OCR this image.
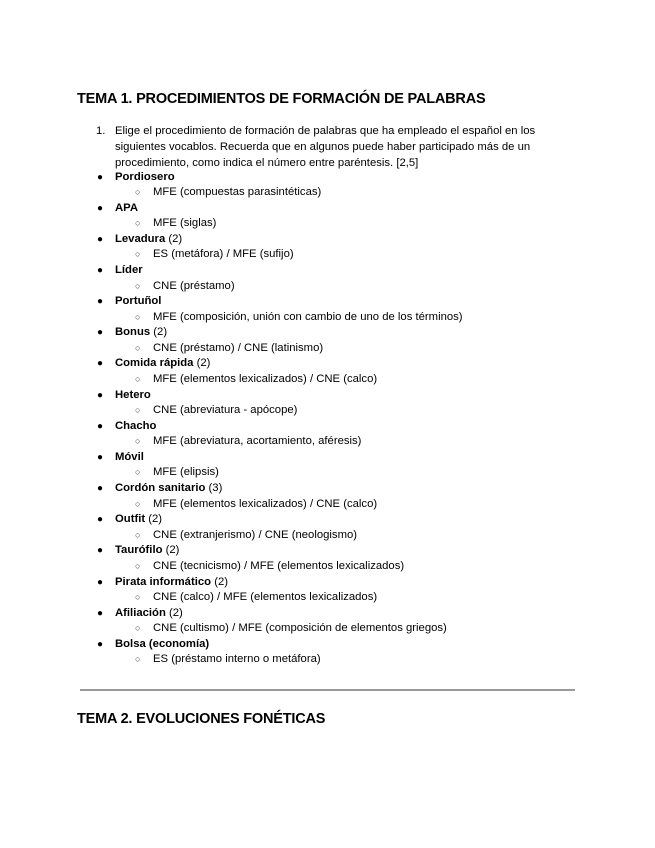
TEMA 1. PROCEDIMIENTOS DE FORMACIÓN DE PALABRAS
1. Elige el procedimiento de formación de palabras que ha empleado el español en los siguientes vocablos. Recuerda que en algunos puede haber participado más de un procedimiento, como indica el número entre paréntesis. [2,5]
● Pordiosero
○ MFE (compuestas parasintéticas)
● APA
○ MFE (siglas)
● Levadura (2)
○ ES (metáfora) / MFE (sufijo)
● Líder
○ CNE (préstamo)
● Portuñol
○ MFE (composición, unión con cambio de uno de los términos)
● Bonus (2)
○ CNE (préstamo) / CNE (latinismo)
● Comida rápida (2)
○ MFE (elementos lexicalizados) / CNE (calco)
● Hetero
○ CNE (abreviatura - apócope)
● Chacho
○ MFE (abreviatura, acortamiento, aféresis)
● Móvil
○ MFE (elipsis)
● Cordón sanitario (3)
○ MFE (elementos lexicalizados) / CNE (calco)
● Outfit (2)
○ CNE (extranjerismo) / CNE (neologismo)
● Taurófilo (2)
○ CNE (tecnicismo) / MFE (elementos lexicalizados)
● Pirata informático (2)
○ CNE (calco) / MFE (elementos lexicalizados)
● Afiliación (2)
○ CNE (cultismo) / MFE (composición de elementos griegos)
● Bolsa (economía)
○ ES (préstamo interno o metáfora)
TEMA 2. EVOLUCIONES FONÉTICAS
